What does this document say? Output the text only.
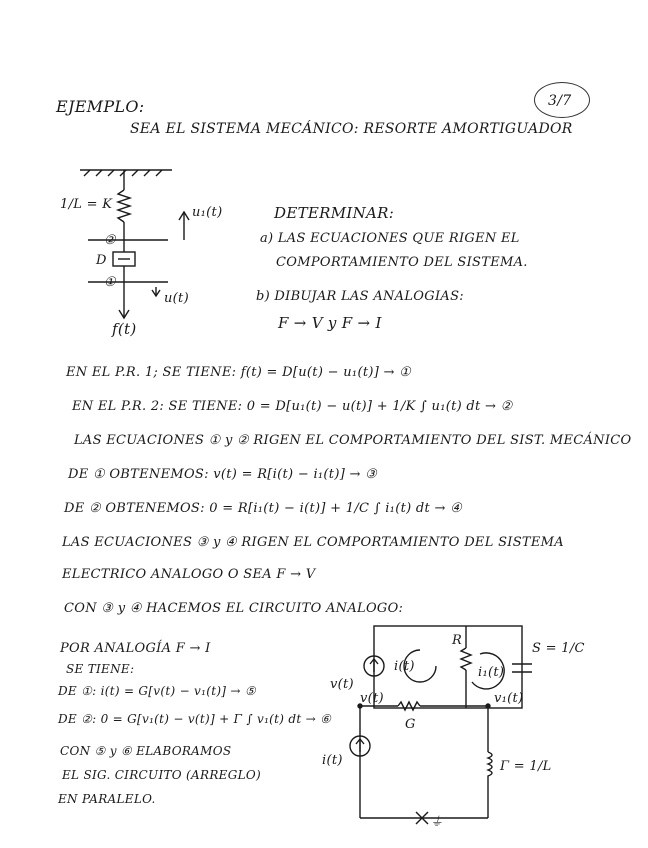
3/7
EJEMPLO:
SEA EL SISTEMA MECÁNICO: RESORTE AMORTIGUADOR
1/L = K
u₁(t)
②
D
①
u(t)
f(t)
DETERMINAR:
a) LAS ECUACIONES QUE RIGEN EL
COMPORTAMIENTO DEL SISTEMA.
b) DIBUJAR LAS ANALOGIAS:
F → V y F → I
EN EL P.R. 1; SE TIENE: f(t) = D[u(t) − u₁(t)] → ①
EN EL P.R. 2: SE TIENE: 0 = D[u₁(t) − u(t)] + 1/K ∫ u₁(t) dt → ②
LAS ECUACIONES ① y ② RIGEN EL COMPORTAMIENTO DEL SIST. MECÁNICO
DE ① OBTENEMOS: v(t) = R[i(t) − i₁(t)] → ③
DE ② OBTENEMOS: 0 = R[i₁(t) − i(t)] + 1/C ∫ i₁(t) dt → ④
LAS ECUACIONES ③ y ④ RIGEN EL COMPORTAMIENTO DEL SISTEMA
ELECTRICO ANALOGO O SEA F → V
CON ③ y ④ HACEMOS EL CIRCUITO ANALOGO:
POR ANALOGÍA F → I
SE TIENE:
DE ①: i(t) = G[v(t) − v₁(t)] → ⑤
DE ②: 0 = G[v₁(t) − v(t)] + Γ ∫ v₁(t) dt → ⑥
CON ⑤ y ⑥ ELABORAMOS
EL SIG. CIRCUITO (ARREGLO)
EN PARALELO.
v(t)
i(t)
R
i₁(t)
S = 1/C
v(t)	v₁(t)
G
i(t)	Γ = 1/L
⏚
